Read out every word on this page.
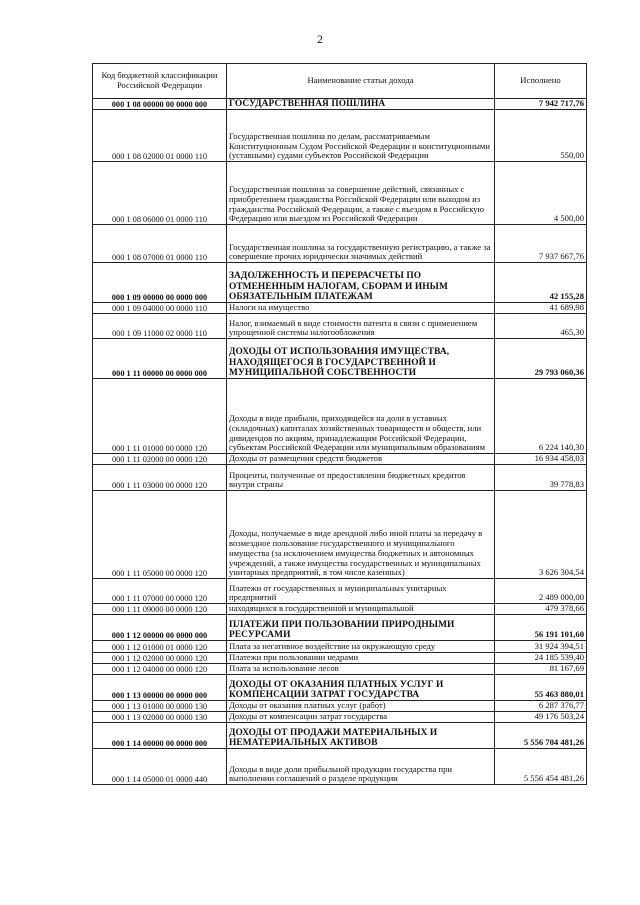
2
Код бюджетной классификации Российской Федерации	Наименование статьи дохода	Исполнено
000 1 08 00000 00 0000 000	ГОСУДАРСТВЕННАЯ ПОШЛИНА	7 942 717,76
000 1 08 02000 01 0000 110	Государственная пошлина по делам, рассматриваемым Конституционным Судом Российской Федерации и конституционными (уставными) судами субъектов Российской Федерации	550,00
000 1 08 06000 01 0000 110	Государственная пошлина за совершение действий, связанных с приобретением гражданства Российской Федерации или выходом из гражданства Российской Федерации, а также с въездом в Российскую Федерацию или выездом из Российской Федерации	4 500,00
000 1 08 07000 01 0000 110	Государственная пошлина за государственную регистрацию, а также за совершение прочих юридически значимых действий	7 937 667,76
000 1 09 00000 00 0000 000	ЗАДОЛЖЕННОСТЬ И ПЕРЕРАСЧЕТЫ ПО ОТМЕНЕННЫМ НАЛОГАМ, СБОРАМ И ИНЫМ ОБЯЗАТЕЛЬНЫМ ПЛАТЕЖАМ	42 155,28
000 1 09 04000 00 0000 110	Налоги на имущество	41 689,98
000 1 09 11000 02 0000 110	Налог, взимаемый в виде стоимости патента в связи с применением упрощенной системы налогообложения	465,30
000 1 11 00000 00 0000 000	ДОХОДЫ ОТ ИСПОЛЬЗОВАНИЯ ИМУЩЕСТВА, НАХОДЯЩЕГОСЯ В ГОСУДАРСТВЕННОЙ И МУНИЦИПАЛЬНОЙ СОБСТВЕННОСТИ	29 793 060,36
000 1 11 01000 00 0000 120	Доходы в виде прибыли, приходящейся на доли в уставных (складочных) капиталах хозяйственных товариществ и обществ, или дивидендов по акциям, принадлежащим Российской Федерации, субъектам Российской Федерации или муниципальным образованиям	6 224 140,30
000 1 11 02000 00 0000 120	Доходы от размещения средств бюджетов	16 934 458,03
000 1 11 03000 00 0000 120	Проценты, полученные от предоставления бюджетных кредитов внутри страны	39 778,83
000 1 11 05000 00 0000 120	Доходы, получаемые в виде арендной либо иной платы за передачу в возмездное пользование государственного и муниципального имущества (за исключением имущества бюджетных и автономных учреждений, а также имущества государственных и муниципальных унитарных предприятий, в том числе казенных)	3 626 304,54
000 1 11 07000 00 0000 120	Платежи от государственных и муниципальных унитарных предприятий	2 489 000,00
000 1 11 09000 00 0000 120	находящихся в государственной и муниципальной	479 378,66
000 1 12 00000 00 0000 000	ПЛАТЕЖИ ПРИ ПОЛЬЗОВАНИИ ПРИРОДНЫМИ РЕСУРСАМИ	56 191 101,60
000 1 12 01000 01 0000 120	Плата за негативное воздействие на окружающую среду	31 924 394,51
000 1 12 02000 00 0000 120	Платежи при пользовании недрами	24 185 539,40
000 1 12 04000 00 0000 120	Плата за использование лесов	81 167,69
000 1 13 00000 00 0000 000	ДОХОДЫ ОТ ОКАЗАНИЯ ПЛАТНЫХ УСЛУГ И КОМПЕНСАЦИИ ЗАТРАТ ГОСУДАРСТВА	55 463 880,01
000 1 13 01000 00 0000 130	Доходы от оказания платных услуг (работ)	6 287 376,77
000 1 13 02000 00 0000 130	Доходы от компенсации затрат государства	49 176 503,24
000 1 14 00000 00 0000 000	ДОХОДЫ ОТ ПРОДАЖИ МАТЕРИАЛЬНЫХ И НЕМАТЕРИАЛЬНЫХ АКТИВОВ	5 556 704 481,26
000 1 14 05000 01 0000 440	Доходы в виде доли прибыльной продукции государства при выполнении соглашений о разделе продукции	5 556 454 481,26
